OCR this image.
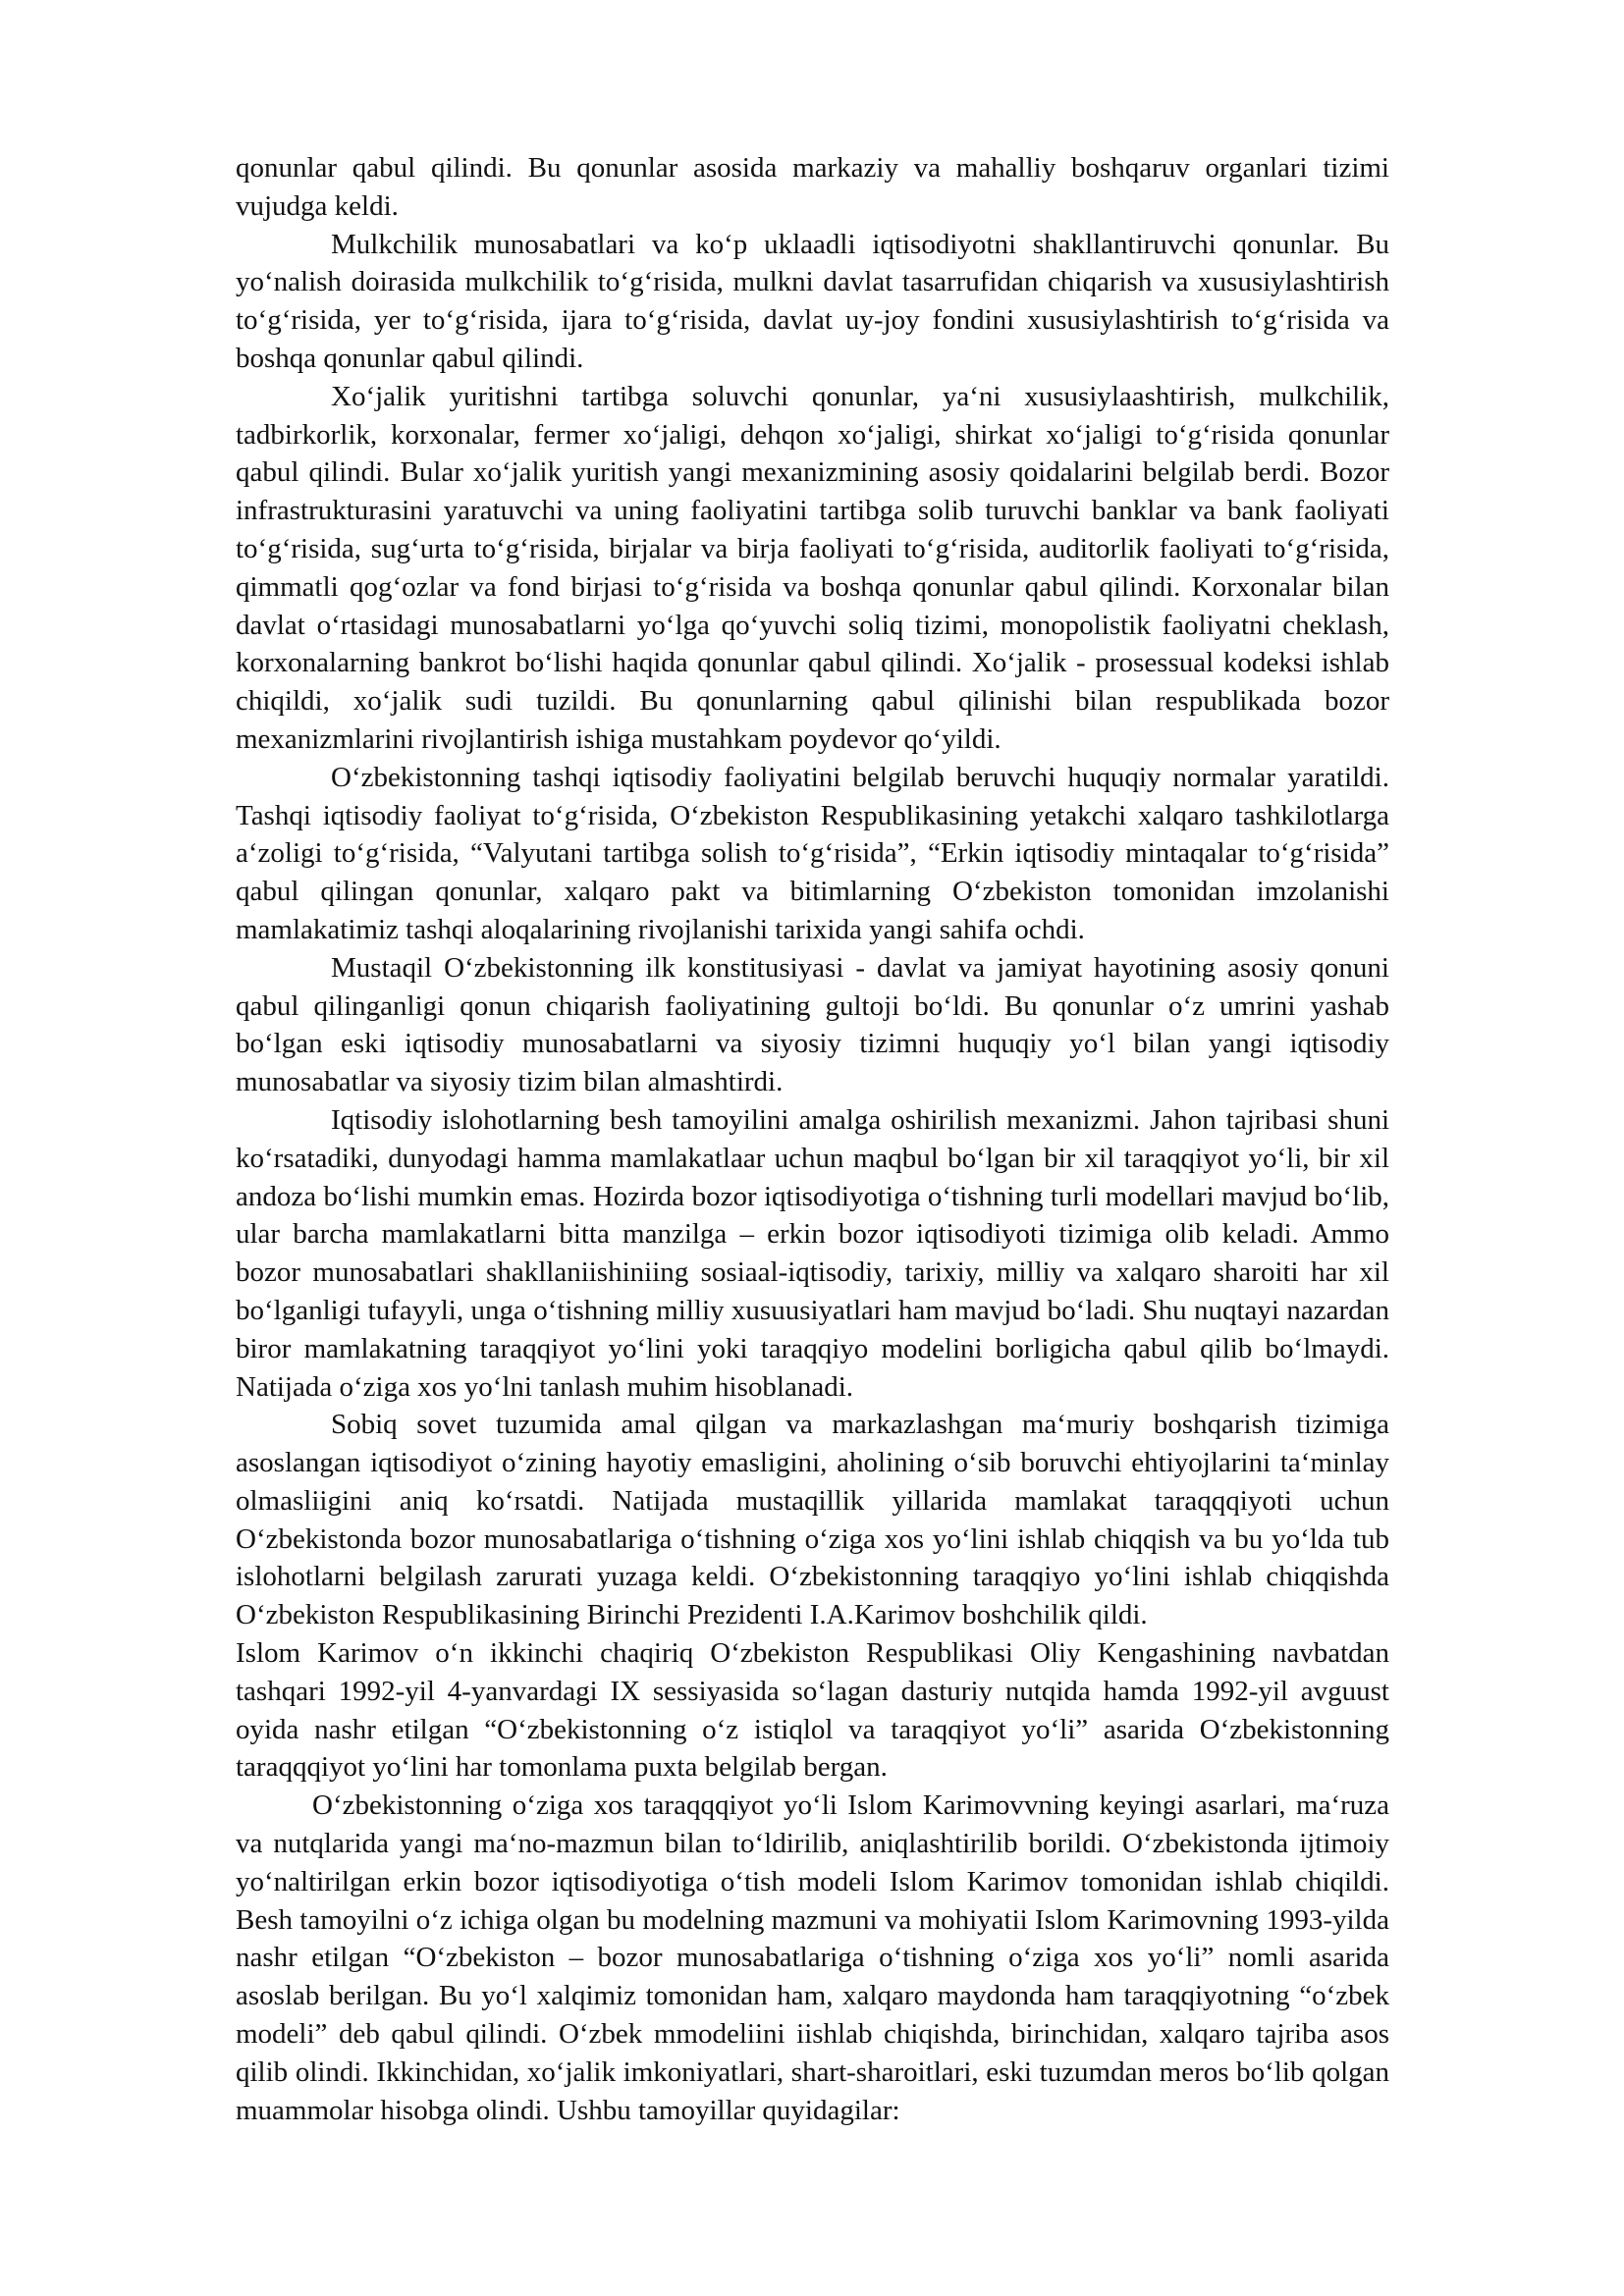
qonunlar qabul qilindi. Bu qonunlar asosida markaziy va mahalliy boshqaruv organlari tizimi vujudga keldi.

Mulkchilik munosabatlari va ko‘p uklaadli iqtisodiyotni shakllantiruvchi qonunlar. Bu yo‘nalish doirasida mulkchilik to‘g‘risida, mulkni davlat tasarrufidan chiqarish va xususiylashtirish to‘g‘risida, yer to‘g‘risida, ijara to‘g‘risida, davlat uy-joy fondini xususiylashtirish to‘g‘risida va boshqa qonunlar qabul qilindi.

Xo‘jalik yuritishni tartibga soluvchi qonunlar, ya‘ni xususiylaashtirish, mulkchilik, tadbirkorlik, korxonalar, fermer xo‘jaligi, dehqon xo‘jaligi, shirkat xo‘jaligi to‘g‘risida qonunlar qabul qilindi. Bular xo‘jalik yuritish yangi mexanizmining asosiy qoidalarini belgilab berdi. Bozor infrastrukturasini yaratuvchi va uning faoliyatini tartibga solib turuvchi banklar va bank faoliyati to‘g‘risida, sug‘urta to‘g‘risida, birjalar va birja faoliyati to‘g‘risida, auditorlik faoliyati to‘g‘risida, qimmatli qog‘ozlar va fond birjasi to‘g‘risida va boshqa qonunlar qabul qilindi. Korxonalar bilan davlat o‘rtasidagi munosabatlarni yo‘lga qo‘yuvchi soliq tizimi, monopolistik faoliyatni cheklash, korxonalarning bankrot bo‘lishi haqida qonunlar qabul qilindi. Xo‘jalik - prosessual kodeksi ishlab chiqildi, xo‘jalik sudi tuzildi. Bu qonunlarning qabul qilinishi bilan respublikada bozor mexanizmlarini rivojlantirish ishiga mustahkam poydevor qo‘yildi.

O‘zbekistonning tashqi iqtisodiy faoliyatini belgilab beruvchi huquqiy normalar yaratildi. Tashqi iqtisodiy faoliyat to‘g‘risida, O‘zbekiston Respublikasining yetakchi xalqaro tashkilotlarga a‘zoligi to‘g‘risida, “Valyutani tartibga solish to‘g‘risida”, “Erkin iqtisodiy mintaqalar to‘g‘risida” qabul qilingan qonunlar, xalqaro pakt va bitimlarning O‘zbekiston tomonidan imzolanishi mamlakatimiz tashqi aloqalarining rivojlanishi tarixida yangi sahifa ochdi.

Mustaqil O‘zbekistonning ilk konstitusiyasi - davlat va jamiyat hayotining asosiy qonuni qabul qilinganligi qonun chiqarish faoliyatining gultoji bo‘ldi. Bu qonunlar o‘z umrini yashab bo‘lgan eski iqtisodiy munosabatlarni va siyosiy tizimni huquqiy yo‘l bilan yangi iqtisodiy munosabatlar va siyosiy tizim bilan almashtirdi.

Iqtisodiy islohotlarning besh tamoyilini amalga oshirilish mexanizmi. Jahon tajribasi shuni ko‘rsatadiki, dunyodagi hamma mamlakatlaar uchun maqbul bo‘lgan bir xil taraqqiyot yo‘li, bir xil andoza bo‘lishi mumkin emas. Hozirda bozor iqtisodiyotiga o‘tishning turli modellari mavjud bo‘lib, ular barcha mamlakatlarni bitta manzilga – erkin bozor iqtisodiyoti tizimiga olib keladi. Ammo bozor munosabatlari shakllaniishiniing sosiaal-iqtisodiy, tarixiy, milliy va xalqaro sharoiti har xil bo‘lganligi tufayyli, unga o‘tishning milliy xusuusiyatlari ham mavjud bo‘ladi. Shu nuqtayi nazardan biror mamlakatning taraqqiyot yo‘lini yoki taraqqiyo modelini borligicha qabul qilib bo‘lmaydi. Natijada o‘ziga xos yo‘lni tanlash muhim hisoblanadi.

Sobiq sovet tuzumida amal qilgan va markazlashgan ma‘muriy boshqarish tizimiga asoslangan iqtisodiyot o‘zining hayotiy emasligini, aholining o‘sib boruvchi ehtiyojlarini ta‘minlay olmasliigini aniq ko‘rsatdi. Natijada mustaqillik yillarida mamlakat taraqqqiyoti uchun O‘zbekistonda bozor munosabatlariga o‘tishning o‘ziga xos yo‘lini ishlab chiqqish va bu yo‘lda tub islohotlarni belgilash zarurati yuzaga keldi. O‘zbekistonning taraqqiyo yo‘lini ishlab chiqqishda O‘zbekiston Respublikasining Birinchi Prezidenti I.A.Karimov boshchilik qildi.

Islom Karimov o‘n ikkinchi chaqiriq O‘zbekiston Respublikasi Oliy Kengashining navbatdan tashqari 1992-yil 4-yanvardagi IX sessiyasida so‘lagan dasturiy nutqida hamda 1992-yil avguust oyida nashr etilgan “O‘zbekistonning o‘z istiqlol va taraqqiyot yo‘li” asarida O‘zbekistonning taraqqqiyot yo‘lini har tomonlama puxta belgilab bergan.

O‘zbekistonning o‘ziga xos taraqqqiyot yo‘li Islom Karimovvning keyingi asarlari, ma‘ruza va nutqlarida yangi ma‘no-mazmun bilan to‘ldirilib, aniqlashtirilib borildi. O‘zbekistonda ijtimoiy yo‘naltirilgan erkin bozor iqtisodiyotiga o‘tish modeli Islom Karimov tomonidan ishlab chiqildi. Besh tamoyilni o‘z ichiga olgan bu modelning mazmuni va mohiyatii Islom Karimovning 1993-yilda nashr etilgan “O‘zbekiston – bozor munosabatlariga o‘tishning o‘ziga xos yo‘li” nomli asarida asoslab berilgan. Bu yo‘l xalqimiz tomonidan ham, xalqaro maydonda ham taraqqiyotning “o‘zbek modeli” deb qabul qilindi. O‘zbek mmodeliini iishlab chiqishda, birinchidan, xalqaro tajriba asos qilib olindi. Ikkinchidan, xo‘jalik imkoniyatlari, shart-sharoitlari, eski tuzumdan meros bo‘lib qolgan muammolar hisobga olindi. Ushbu tamoyillar quyidagilar:
